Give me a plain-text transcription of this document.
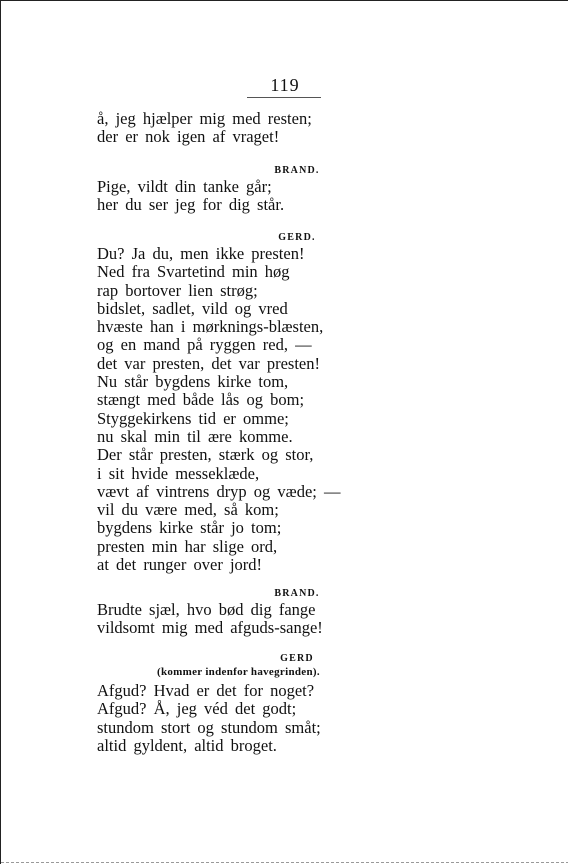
119
å, jeg hjælper mig med resten;
der er nok igen af vraget!
BRAND.
Pige, vildt din tanke går;
her du ser jeg for dig står.
GERD.
Du? Ja du, men ikke presten!
Ned fra Svartetind min høg
rap bortover lien strøg;
bidslet, sadlet, vild og vred
hvæste han i mørknings-blæsten,
og en mand på ryggen red, —
det var presten, det var presten!
Nu står bygdens kirke tom,
stængt med både lås og bom;
Styggekirkens tid er omme;
nu skal min til ære komme.
Der står presten, stærk og stor,
i sit hvide messeklæde,
vævt af vintrens dryp og væde; —
vil du være med, så kom;
bygdens kirke står jo tom;
presten min har slige ord,
at det runger over jord!
BRAND.
Brudte sjæl, hvo bød dig fange
vildsomt mig med afguds-sange!
GERD
(kommer indenfor havegrinden).
Afgud? Hvad er det for noget?
Afgud? Å, jeg véd det godt;
stundom stort og stundom småt;
altid gyldent, altid broget.
